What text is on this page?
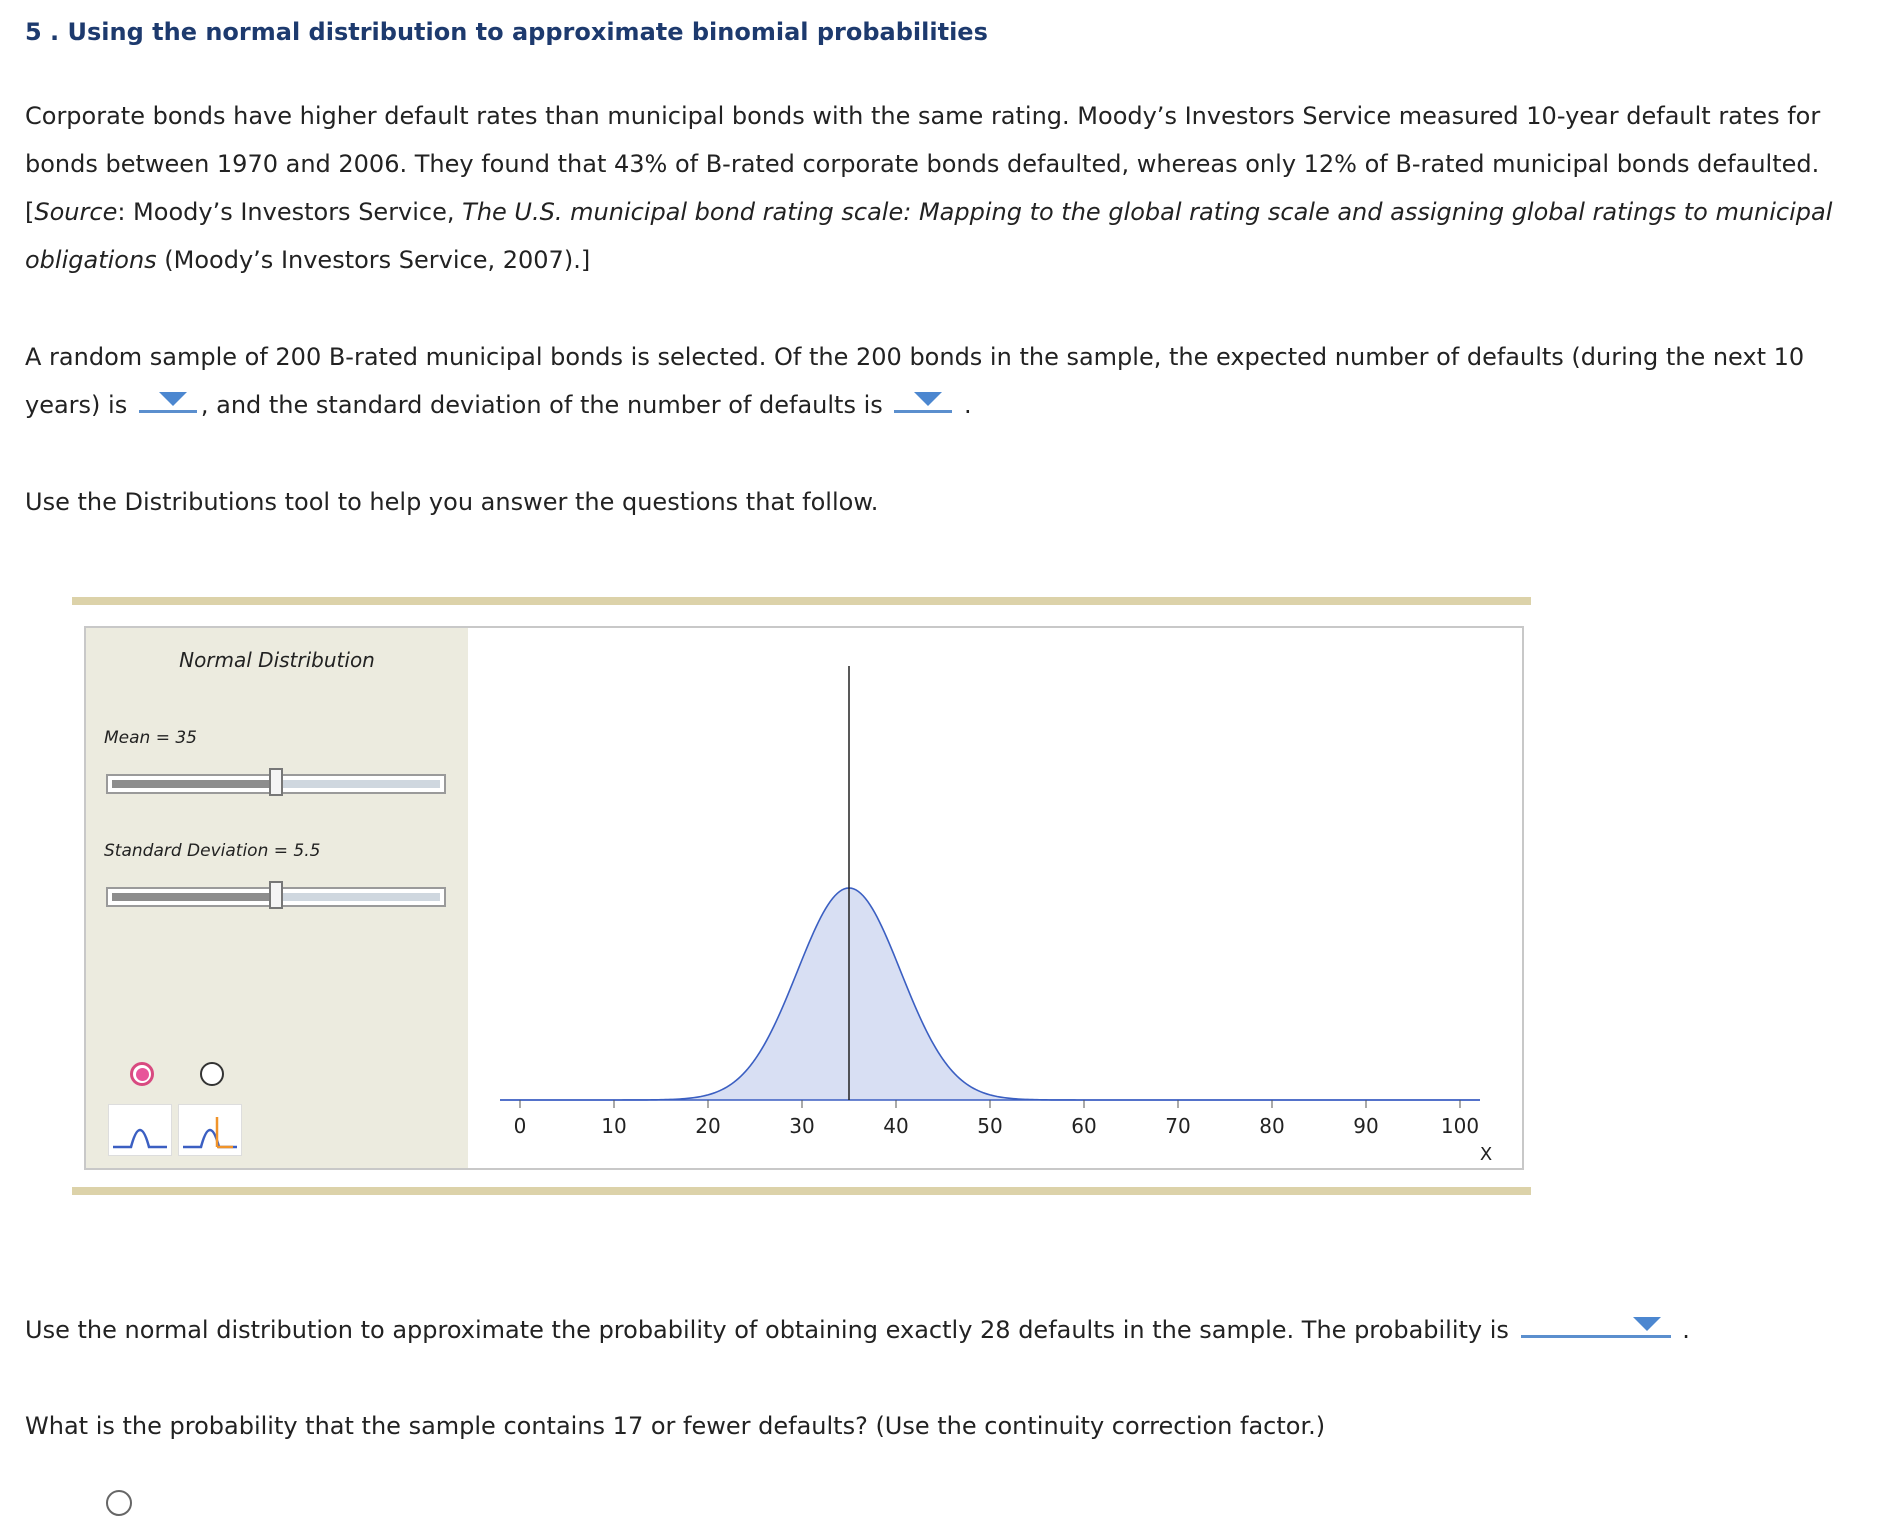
5 . Using the normal distribution to approximate binomial probabilities
Corporate bonds have higher default rates than municipal bonds with the same rating. Moody’s Investors Service measured 10-year default rates for
bonds between 1970 and 2006. They found that 43% of B-rated corporate bonds defaulted, whereas only 12% of B-rated municipal bonds defaulted.
[Source: Moody’s Investors Service, The U.S. municipal bond rating scale: Mapping to the global rating scale and assigning global ratings to municipal
obligations (Moody’s Investors Service, 2007).]
A random sample of 200 B-rated municipal bonds is selected. Of the 200 bonds in the sample, the expected number of defaults (during the next 10
years) is	, and the standard deviation of the number of defaults is	.
Use the Distributions tool to help you answer the questions that follow.
Normal Distribution
Mean = 35
Standard Deviation = 5.5
0	10	20	30	40	50	60	70	80	90	100
X
Use the normal distribution to approximate the probability of obtaining exactly 28 defaults in the sample. The probability is	.
What is the probability that the sample contains 17 or fewer defaults? (Use the continuity correction factor.)
